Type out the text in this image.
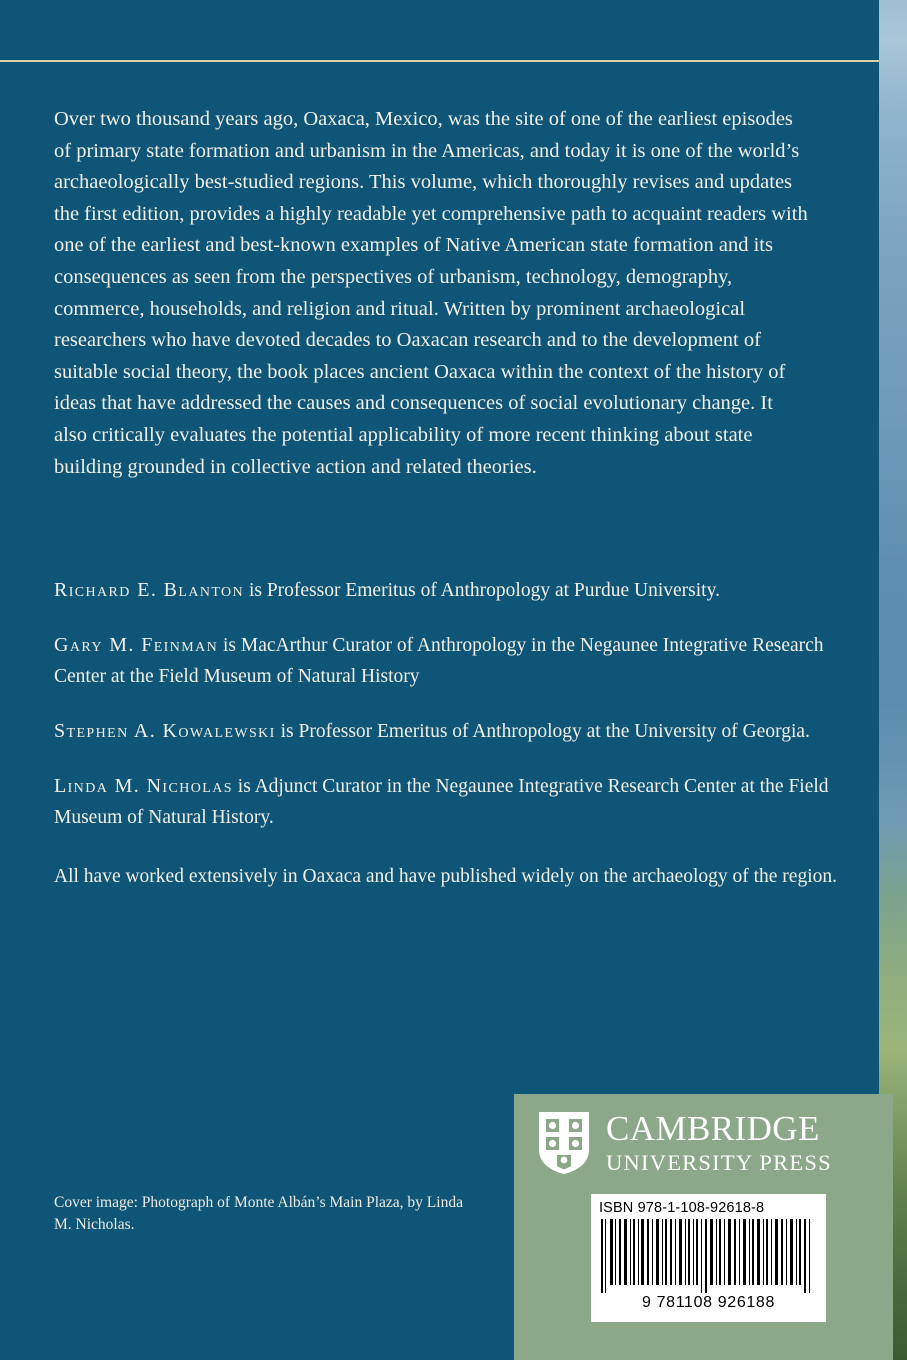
Over two thousand years ago, Oaxaca, Mexico, was the site of one of the earliest episodes of primary state formation and urbanism in the Americas, and today it is one of the world’s archaeologically best-studied regions. This volume, which thoroughly revises and updates the first edition, provides a highly readable yet comprehensive path to acquaint readers with one of the earliest and best-known examples of Native American state formation and its consequences as seen from the perspectives of urbanism, technology, demography, commerce, households, and religion and ritual. Written by prominent archaeological researchers who have devoted decades to Oaxacan research and to the development of suitable social theory, the book places ancient Oaxaca within the context of the history of ideas that have addressed the causes and consequences of social evolutionary change. It also critically evaluates the potential applicability of more recent thinking about state building grounded in collective action and related theories.

Richard E. Blanton is Professor Emeritus of Anthropology at Purdue University.

Gary M. Feinman is MacArthur Curator of Anthropology in the Negaunee Integrative Research Center at the Field Museum of Natural History

Stephen A. Kowalewski is Professor Emeritus of Anthropology at the University of Georgia.

Linda M. Nicholas is Adjunct Curator in the Negaunee Integrative Research Center at the Field Museum of Natural History.

All have worked extensively in Oaxaca and have published widely on the archaeology of the region.

Cover image: Photograph of Monte Albán’s Main Plaza, by Linda M. Nicholas.
CAMBRIDGE
UNIVERSITY PRESS
ISBN 978-1-108-92618-8
9 781108 926188
